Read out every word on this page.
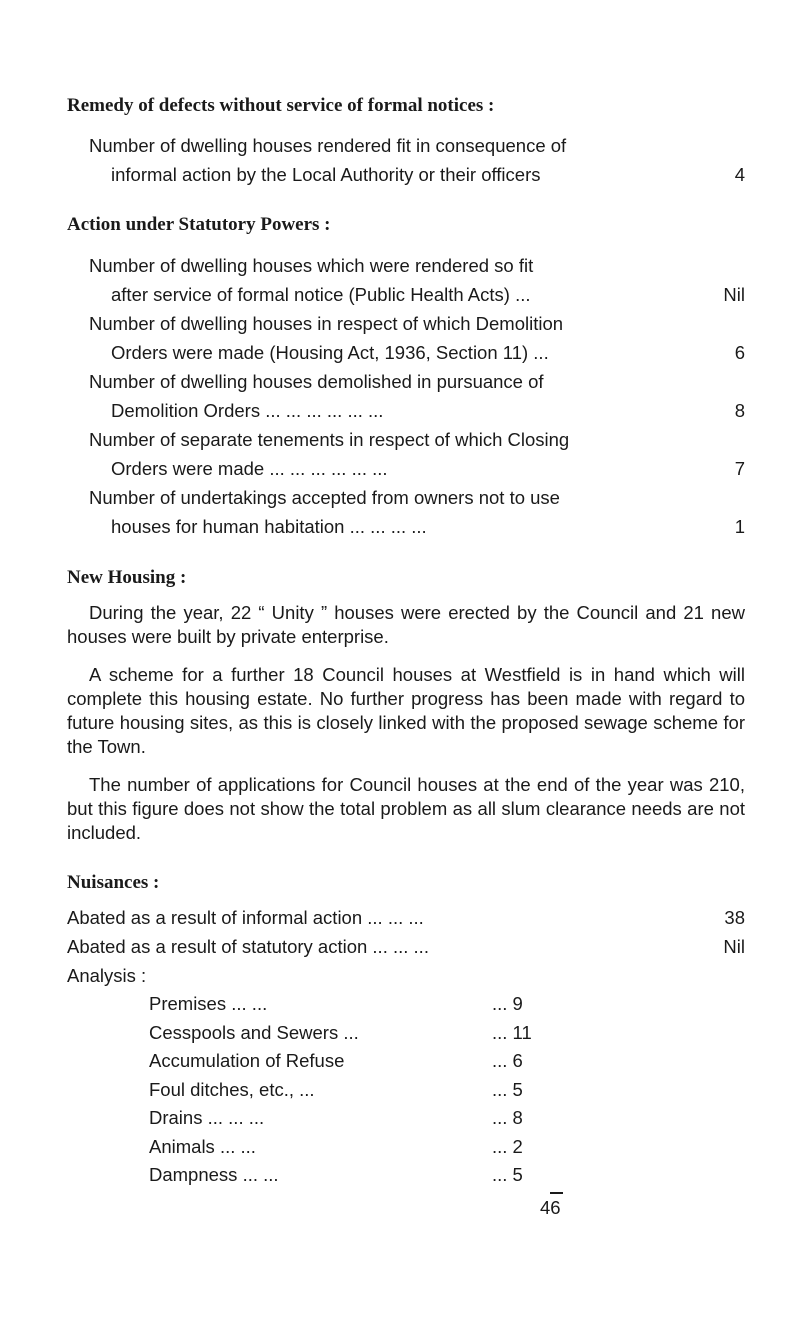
Remedy of defects without service of formal notices :
Number of dwelling houses rendered fit in consequence of
informal action by the Local Authority or their officers	4
Action under Statutory Powers :
Number of dwelling houses which were rendered so fit
after service of formal notice (Public Health Acts) ...	Nil
Number of dwelling houses in respect of which Demolition
Orders were made (Housing Act, 1936, Section 11) ...	6
Number of dwelling houses demolished in pursuance of
Demolition Orders ... ... ... ... ... ...	8
Number of separate tenements in respect of which Closing
Orders were made ... ... ... ... ... ...	7
Number of undertakings accepted from owners not to use
houses for human habitation ... ... ... ...	1
New Housing :
During the year, 22 “ Unity ” houses were erected by the Council and 21 new houses were built by private enterprise.
A scheme for a further 18 Council houses at Westfield is in hand which will complete this housing estate. No further progress has been made with regard to future housing sites, as this is closely linked with the proposed sewage scheme for the Town.
The number of applications for Council houses at the end of the year was 210, but this figure does not show the total problem as all slum clearance needs are not included.
Nuisances :
Abated as a result of informal action ... ... ...	38
Abated as a result of statutory action ... ... ...	Nil
Analysis :
Premises ... ...	... 9
Cesspools and Sewers ...	... 11
Accumulation of Refuse	... 6
Foul ditches, etc., ...	... 5
Drains ... ... ...	... 8
Animals ... ...	... 2
Dampness ... ...	... 5
46
